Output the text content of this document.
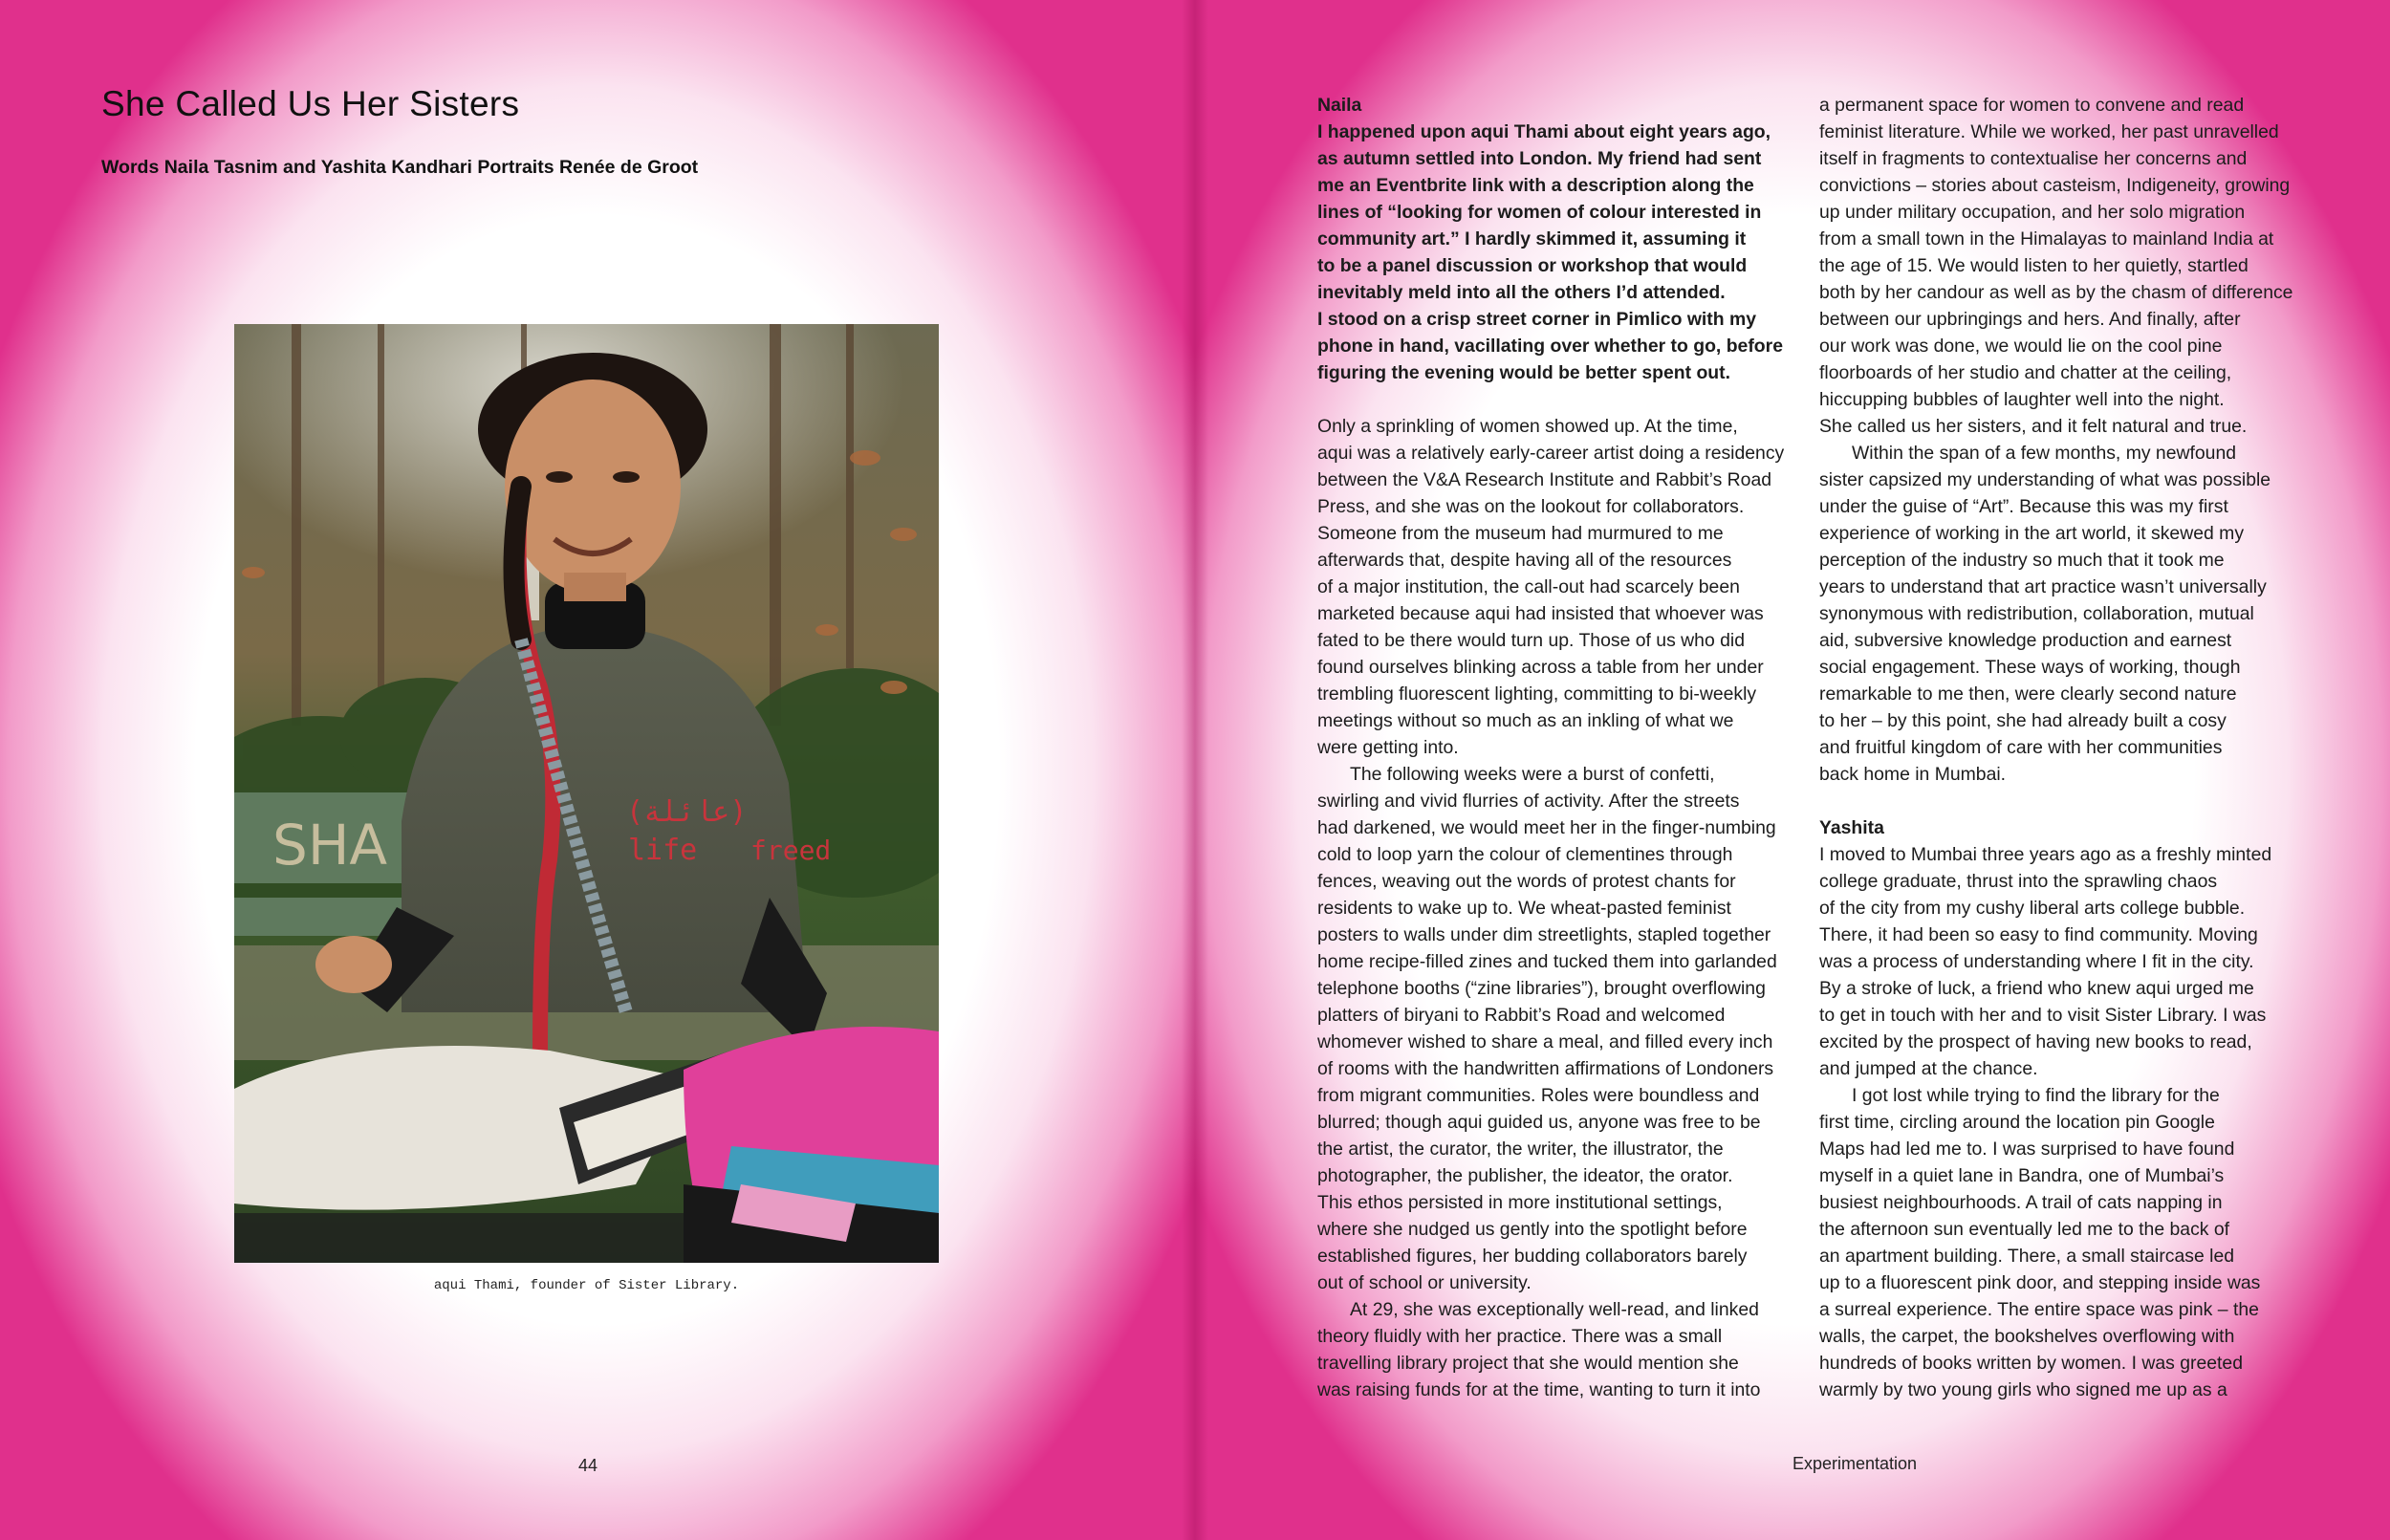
She Called Us Her Sisters
Words Naila Tasnim and Yashita Kandhari Portraits Renée de Groot
SHA
(عائلة)
life freed
aqui Thami, founder of Sister Library.
44

Naila

I happened upon aqui Thami about eight years ago,
as autumn settled into London. My friend had sent
me an Eventbrite link with a description along the
lines of “looking for women of colour interested in
community art.” I hardly skimmed it, assuming it
to be a panel discussion or workshop that would
inevitably meld into all the others I’d attended.
I stood on a crisp street corner in Pimlico with my
phone in hand, vacillating over whether to go, before
figuring the evening would be better spent out.

Only a sprinkling of women showed up. At the time,
aqui was a relatively early-career artist doing a residency
between the V&A Research Institute and Rabbit’s Road
Press, and she was on the lookout for collaborators.
Someone from the museum had murmured to me
afterwards that, despite having all of the resources
of a major institution, the call-out had scarcely been
marketed because aqui had insisted that whoever was
fated to be there would turn up. Those of us who did
found ourselves blinking across a table from her under
trembling fluorescent lighting, committing to bi-weekly
meetings without so much as an inkling of what we
were getting into.

The following weeks were a burst of confetti,
swirling and vivid flurries of activity. After the streets
had darkened, we would meet her in the finger-numbing
cold to loop yarn the colour of clementines through
fences, weaving out the words of protest chants for
residents to wake up to. We wheat-pasted feminist
posters to walls under dim streetlights, stapled together
home recipe-filled zines and tucked them into garlanded
telephone booths (“zine libraries”), brought overflowing
platters of biryani to Rabbit’s Road and welcomed
whomever wished to share a meal, and filled every inch
of rooms with the handwritten affirmations of Londoners
from migrant communities. Roles were boundless and
blurred; though aqui guided us, anyone was free to be
the artist, the curator, the writer, the illustrator, the
photographer, the publisher, the ideator, the orator.
This ethos persisted in more institutional settings,
where she nudged us gently into the spotlight before
established figures, her budding collaborators barely
out of school or university.

At 29, she was exceptionally well-read, and linked
theory fluidly with her practice. There was a small
travelling library project that she would mention she
was raising funds for at the time, wanting to turn it into

a permanent space for women to convene and read
feminist literature. While we worked, her past unravelled
itself in fragments to contextualise her concerns and
convictions – stories about casteism, Indigeneity, growing
up under military occupation, and her solo migration
from a small town in the Himalayas to mainland India at
the age of 15. We would listen to her quietly, startled
both by her candour as well as by the chasm of difference
between our upbringings and hers. And finally, after
our work was done, we would lie on the cool pine
floorboards of her studio and chatter at the ceiling,
hiccupping bubbles of laughter well into the night.
She called us her sisters, and it felt natural and true.

Within the span of a few months, my newfound
sister capsized my understanding of what was possible
under the guise of “Art”. Because this was my first
experience of working in the art world, it skewed my
perception of the industry so much that it took me
years to understand that art practice wasn’t universally
synonymous with redistribution, collaboration, mutual
aid, subversive knowledge production and earnest
social engagement. These ways of working, though
remarkable to me then, were clearly second nature
to her – by this point, she had already built a cosy
and fruitful kingdom of care with her communities
back home in Mumbai.

Yashita

I moved to Mumbai three years ago as a freshly minted
college graduate, thrust into the sprawling chaos
of the city from my cushy liberal arts college bubble.
There, it had been so easy to find community. Moving
was a process of understanding where I fit in the city.
By a stroke of luck, a friend who knew aqui urged me
to get in touch with her and to visit Sister Library. I was
excited by the prospect of having new books to read,
and jumped at the chance.

I got lost while trying to find the library for the
first time, circling around the location pin Google
Maps had led me to. I was surprised to have found
myself in a quiet lane in Bandra, one of Mumbai’s
busiest neighbourhoods. A trail of cats napping in
the afternoon sun eventually led me to the back of
an apartment building. There, a small staircase led
up to a fluorescent pink door, and stepping inside was
a surreal experience. The entire space was pink – the
walls, the carpet, the bookshelves overflowing with
hundreds of books written by women. I was greeted
warmly by two young girls who signed me up as a

Experimentation
